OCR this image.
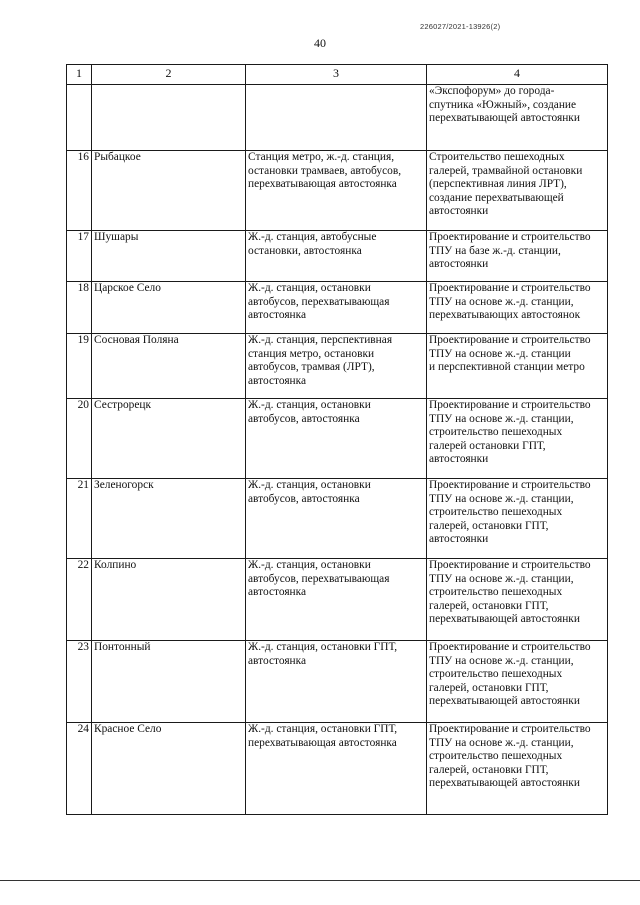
226027/2021-13926(2)
40
1	2	3	4
			«Экспофорум» до города-
спутника «Южный», создание
перехватывающей автостоянки
16	Рыбацкое	Станция метро, ж.-д. станция,
остановки трамваев, автобусов,
перехватывающая автостоянка	Строительство пешеходных
галерей, трамвайной остановки
(перспективная линия ЛРТ),
создание перехватывающей
автостоянки
17	Шушары	Ж.-д. станция, автобусные
остановки, автостоянка	Проектирование и строительство
ТПУ на базе ж.-д. станции,
автостоянки
18	Царское Село	Ж.-д. станция, остановки
автобусов, перехватывающая
автостоянка	Проектирование и строительство
ТПУ на основе ж.-д. станции,
перехватывающих автостоянок
19	Сосновая Поляна	Ж.-д. станция, перспективная
станция метро, остановки
автобусов, трамвая (ЛРТ),
автостоянка	Проектирование и строительство
ТПУ на основе ж.-д. станции
и перспективной станции метро
20	Сестрорецк	Ж.-д. станция, остановки
автобусов, автостоянка	Проектирование и строительство
ТПУ на основе ж.-д. станции,
строительство пешеходных
галерей остановки ГПТ,
автостоянки
21	Зеленогорск	Ж.-д. станция, остановки
автобусов, автостоянка	Проектирование и строительство
ТПУ на основе ж.-д. станции,
строительство пешеходных
галерей, остановки ГПТ,
автостоянки
22	Колпино	Ж.-д. станция, остановки
автобусов, перехватывающая
автостоянка	Проектирование и строительство
ТПУ на основе ж.-д. станции,
строительство пешеходных
галерей, остановки ГПТ,
перехватывающей автостоянки
23	Понтонный	Ж.-д. станция, остановки ГПТ,
автостоянка	Проектирование и строительство
ТПУ на основе ж.-д. станции,
строительство пешеходных
галерей, остановки ГПТ,
перехватывающей автостоянки
24	Красное Село	Ж.-д. станция, остановки ГПТ,
перехватывающая автостоянка	Проектирование и строительство
ТПУ на основе ж.-д. станции,
строительство пешеходных
галерей, остановки ГПТ,
перехватывающей автостоянки
